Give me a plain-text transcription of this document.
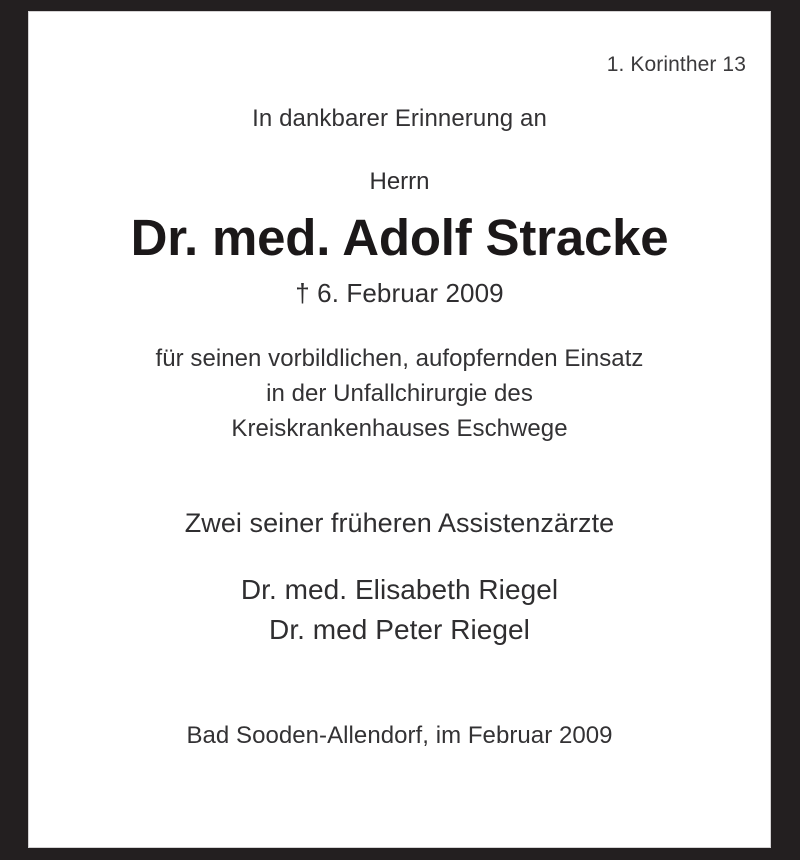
1. Korinther 13
In dankbarer Erinnerung an
Herrn
Dr. med. Adolf Stracke
† 6. Februar 2009
für seinen vorbildlichen, aufopfernden Einsatz
in der Unfallchirurgie des
Kreiskrankenhauses Eschwege
Zwei seiner früheren Assistenzärzte
Dr. med. Elisabeth Riegel
Dr. med Peter Riegel
Bad Sooden-Allendorf, im Februar 2009
